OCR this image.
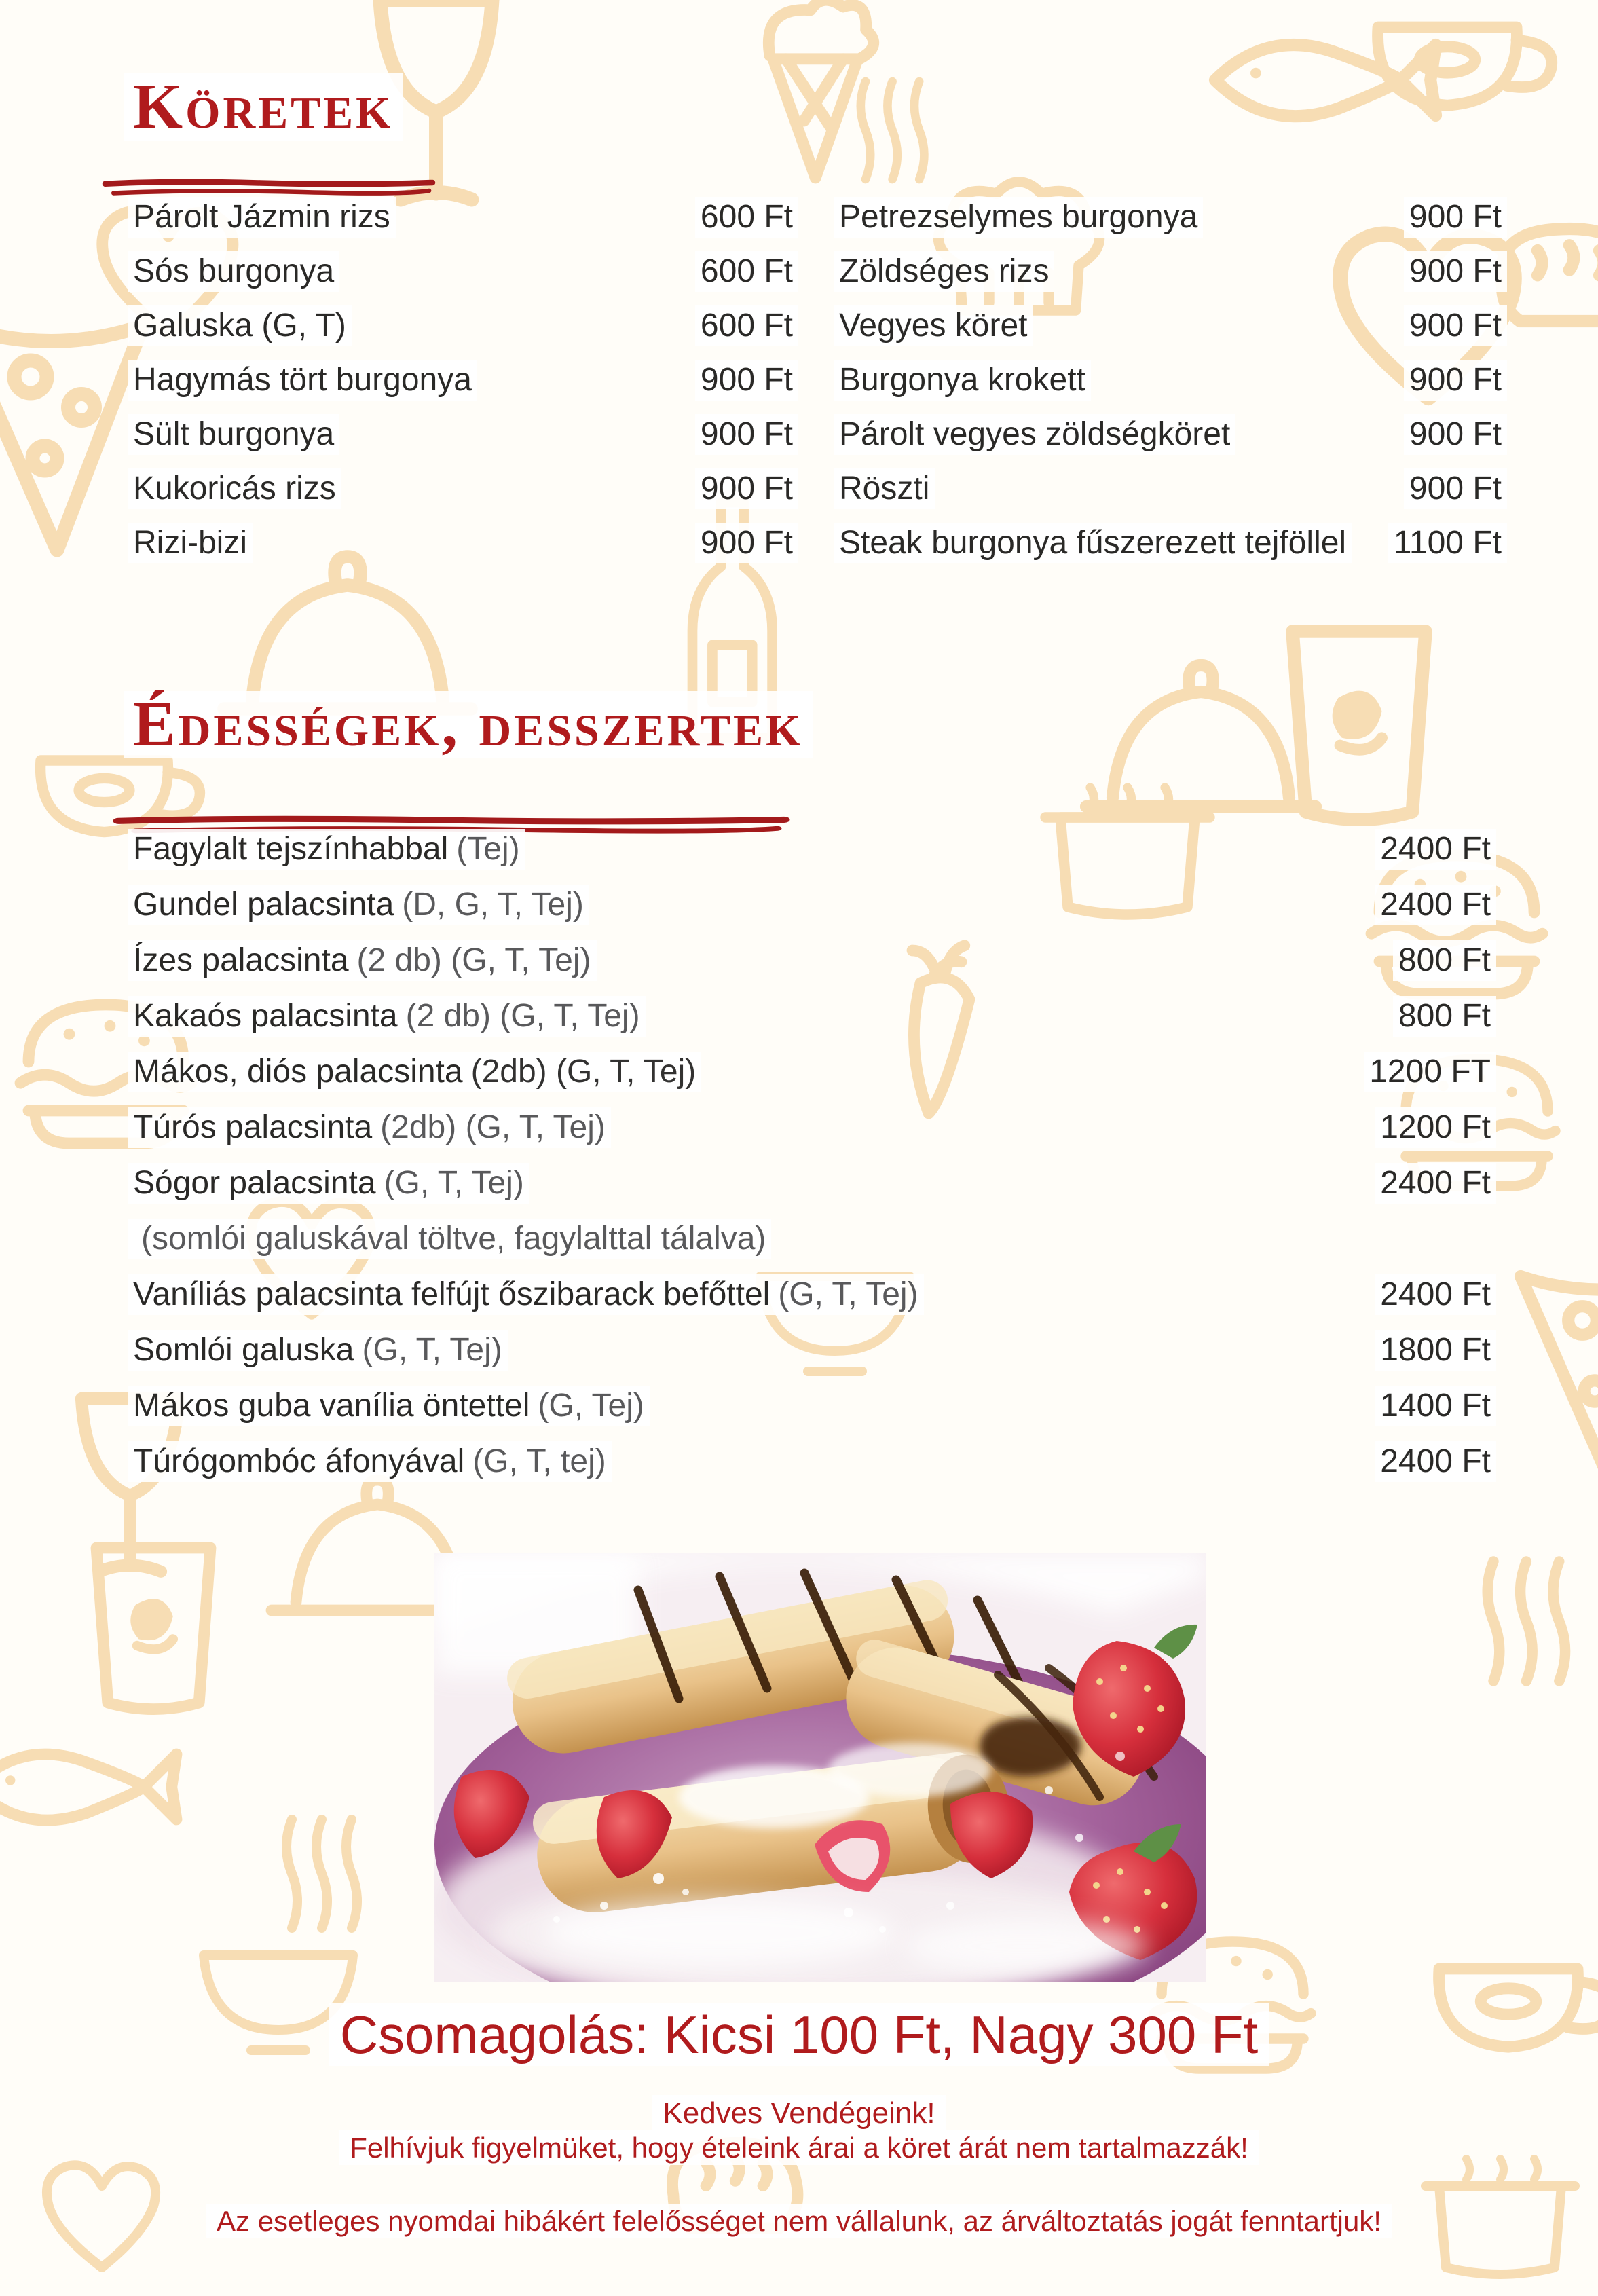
Köretek
Párolt Jázmin rizs	600 Ft
Sós burgonya	600 Ft
Galuska (G, T)	600 Ft
Hagymás tört burgonya	900 Ft
Sült burgonya	900 Ft
Kukoricás rizs	900 Ft
Rizi-bizi	900 Ft
Petrezselymes burgonya	900 Ft
Zöldséges rizs	900 Ft
Vegyes köret	900 Ft
Burgonya krokett	900 Ft
Párolt vegyes zöldségköret	900 Ft
Röszti	900 Ft
Steak burgonya fűszerezett tejföllel 1100 Ft
Édességek, desszertek
Fagylalt tejszínhabbal (Tej)	2400 Ft
Gundel palacsinta (D, G, T, Tej)	2400 Ft
Ízes palacsinta (2 db) (G, T, Tej)	800 Ft
Kakaós palacsinta (2 db) (G, T, Tej)	800 Ft
Mákos, diós palacsinta (2db) (G, T, Tej)	1200 FT
Túrós palacsinta (2db) (G, T, Tej)	1200 Ft
Sógor palacsinta (G, T, Tej)	2400 Ft
(somlói galuskával töltve, fagylalttal tálalva)
Vaníliás palacsinta felfújt őszibarack befőttel (G, T, Tej)	2400 Ft
Somlói galuska (G, T, Tej)	1800 Ft
Mákos guba vanília öntettel (G, Tej)	1400 Ft
Túrógombóc áfonyával (G, T, tej)	2400 Ft
Csomagolás: Kicsi 100 Ft, Nagy 300 Ft
Kedves Vendégeink!
Felhívjuk figyelmüket, hogy ételeink árai a köret árát nem tartalmazzák!
Az esetleges nyomdai hibákért felelősséget nem vállalunk, az árváltoztatás jogát fenntartjuk!
